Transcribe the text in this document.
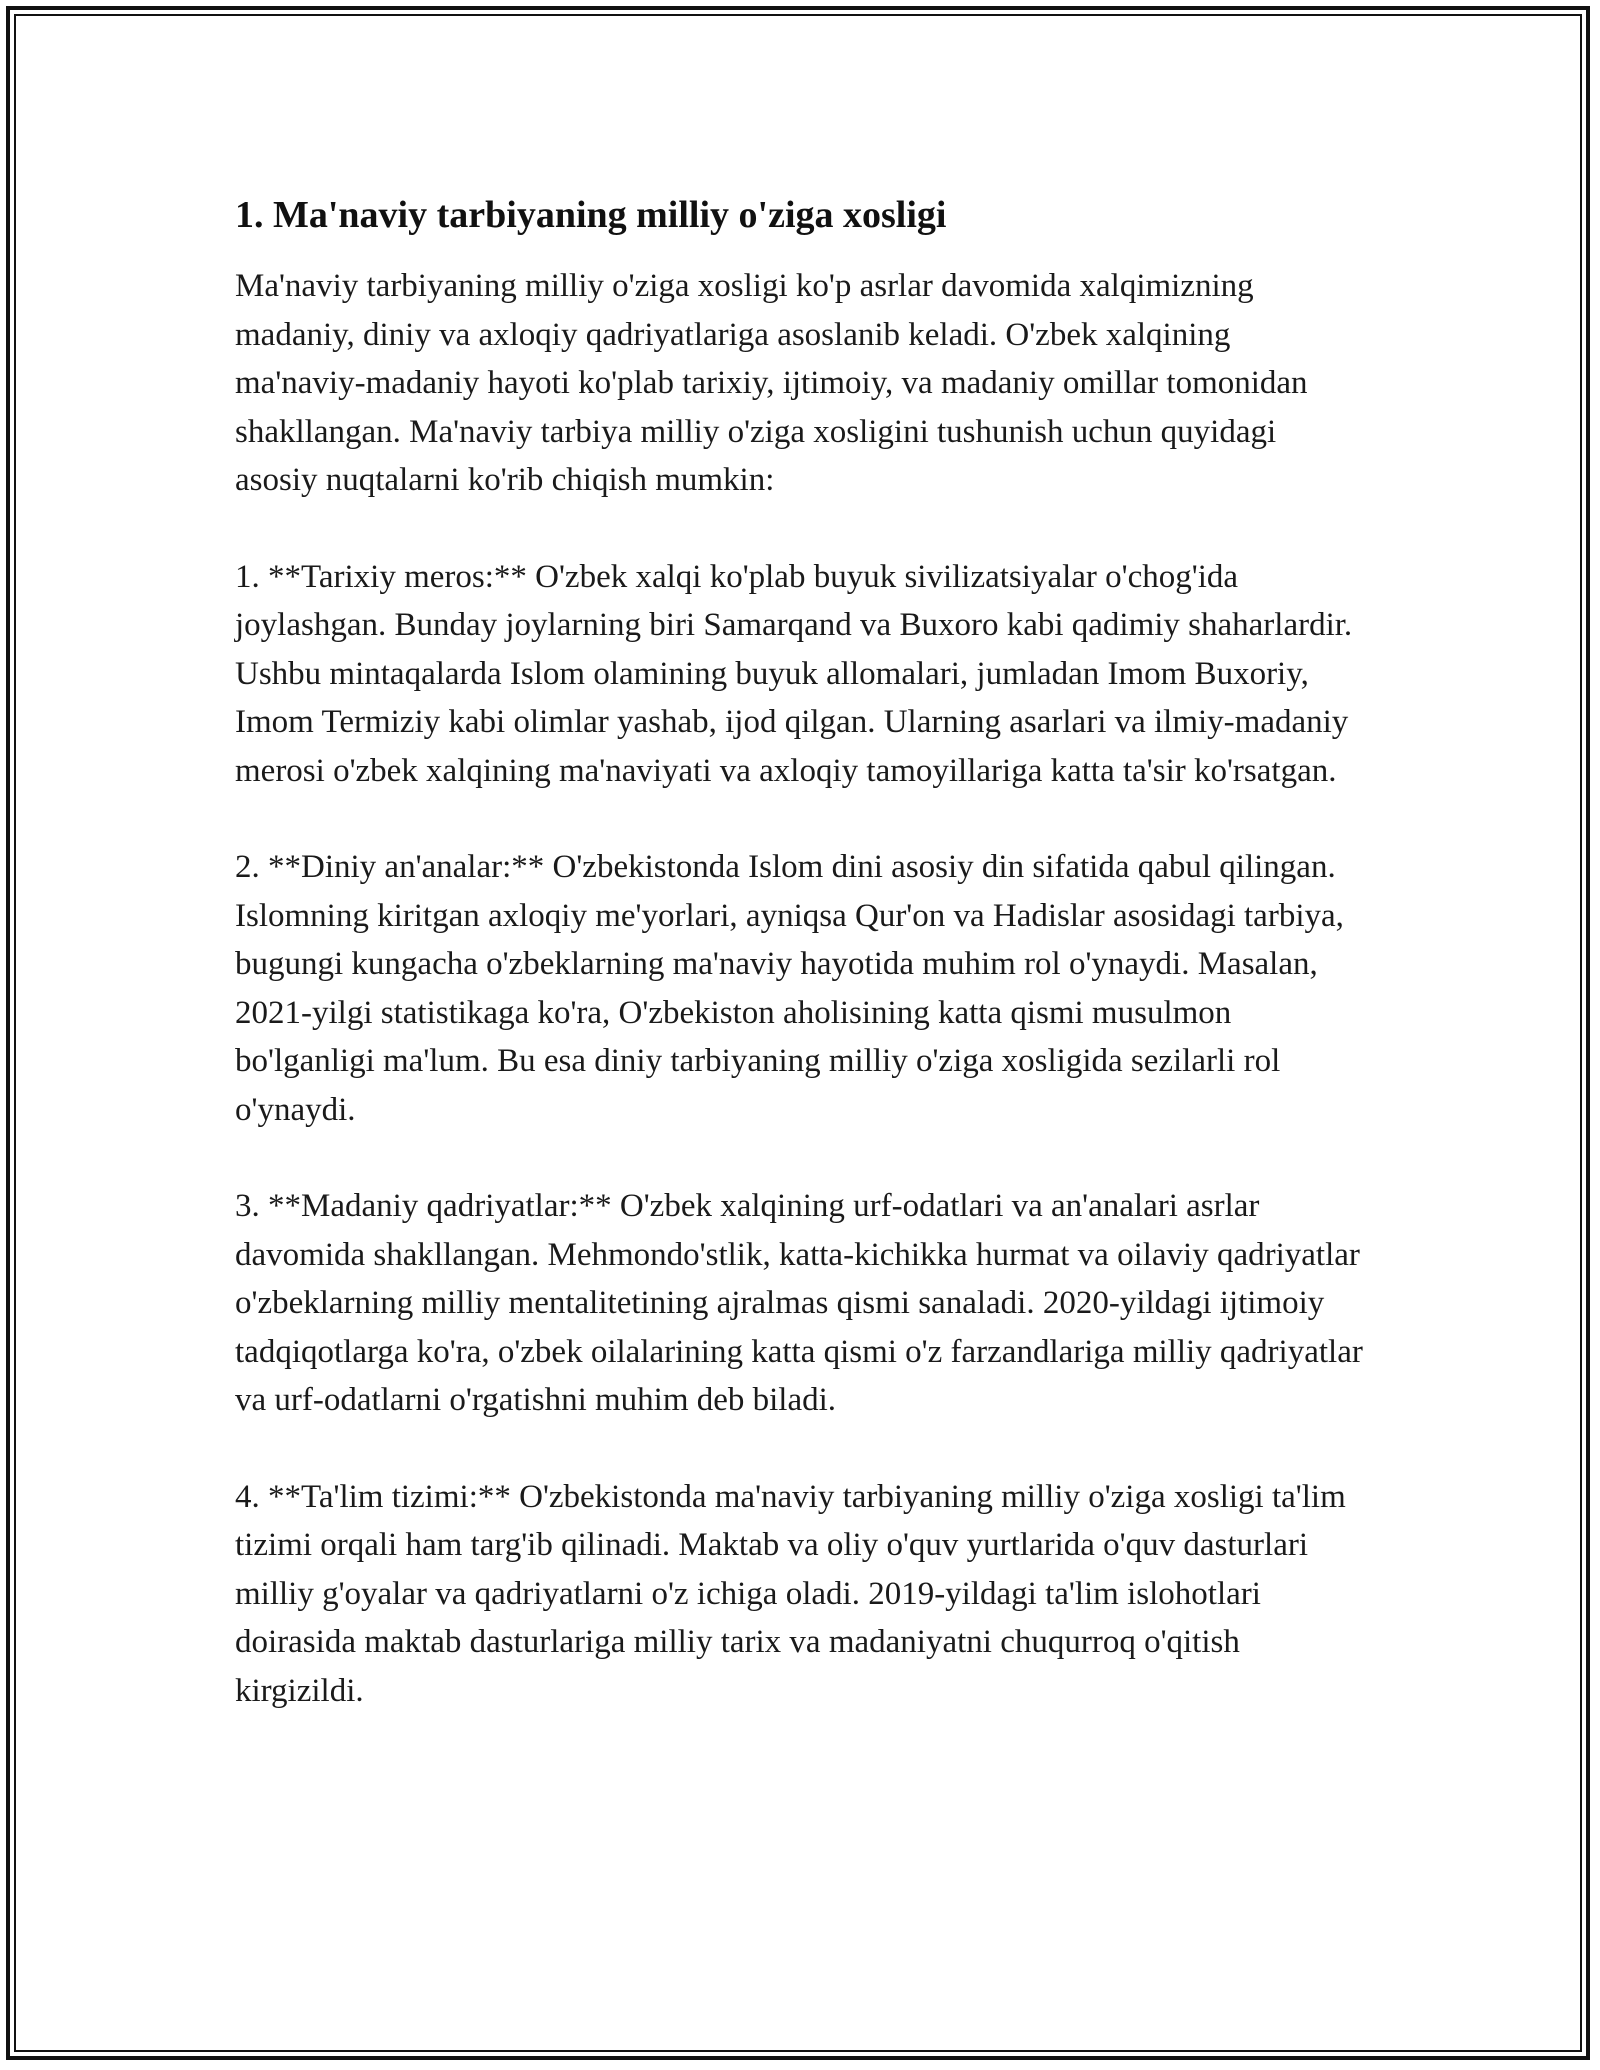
1. Ma'naviy tarbiyaning milliy o'ziga xosligi

Ma'naviy tarbiyaning milliy o'ziga xosligi ko'p asrlar davomida xalqimizning madaniy, diniy va axloqiy qadriyatlariga asoslanib keladi. O'zbek xalqining ma'naviy-madaniy hayoti ko'plab tarixiy, ijtimoiy, va madaniy omillar tomonidan shakllangan. Ma'naviy tarbiya milliy o'ziga xosligini tushunish uchun quyidagi asosiy nuqtalarni ko'rib chiqish mumkin:

1. **Tarixiy meros:** O'zbek xalqi ko'plab buyuk sivilizatsiyalar o'chog'ida joylashgan. Bunday joylarning biri Samarqand va Buxoro kabi qadimiy shaharlardir. Ushbu mintaqalarda Islom olamining buyuk allomalari, jumladan Imom Buxoriy, Imom Termiziy kabi olimlar yashab, ijod qilgan. Ularning asarlari va ilmiy-madaniy merosi o'zbek xalqining ma'naviyati va axloqiy tamoyillariga katta ta'sir ko'rsatgan.

2. **Diniy an'analar:** O'zbekistonda Islom dini asosiy din sifatida qabul qilingan. Islomning kiritgan axloqiy me'yorlari, ayniqsa Qur'on va Hadislar asosidagi tarbiya, bugungi kungacha o'zbeklarning ma'naviy hayotida muhim rol o'ynaydi. Masalan, 2021-yilgi statistikaga ko'ra, O'zbekiston aholisining katta qismi musulmon bo'lganligi ma'lum. Bu esa diniy tarbiyaning milliy o'ziga xosligida sezilarli rol o'ynaydi.

3. **Madaniy qadriyatlar:** O'zbek xalqining urf-odatlari va an'analari asrlar davomida shakllangan. Mehmondo'stlik, katta-kichikka hurmat va oilaviy qadriyatlar o'zbeklarning milliy mentalitetining ajralmas qismi sanaladi. 2020-yildagi ijtimoiy tadqiqotlarga ko'ra, o'zbek oilalarining katta qismi o'z farzandlariga milliy qadriyatlar va urf-odatlarni o'rgatishni muhim deb biladi.

4. **Ta'lim tizimi:** O'zbekistonda ma'naviy tarbiyaning milliy o'ziga xosligi ta'lim tizimi orqali ham targ'ib qilinadi. Maktab va oliy o'quv yurtlarida o'quv dasturlari milliy g'oyalar va qadriyatlarni o'z ichiga oladi. 2019-yildagi ta'lim islohotlari doirasida maktab dasturlariga milliy tarix va madaniyatni chuqurroq o'qitish kirgizildi.
